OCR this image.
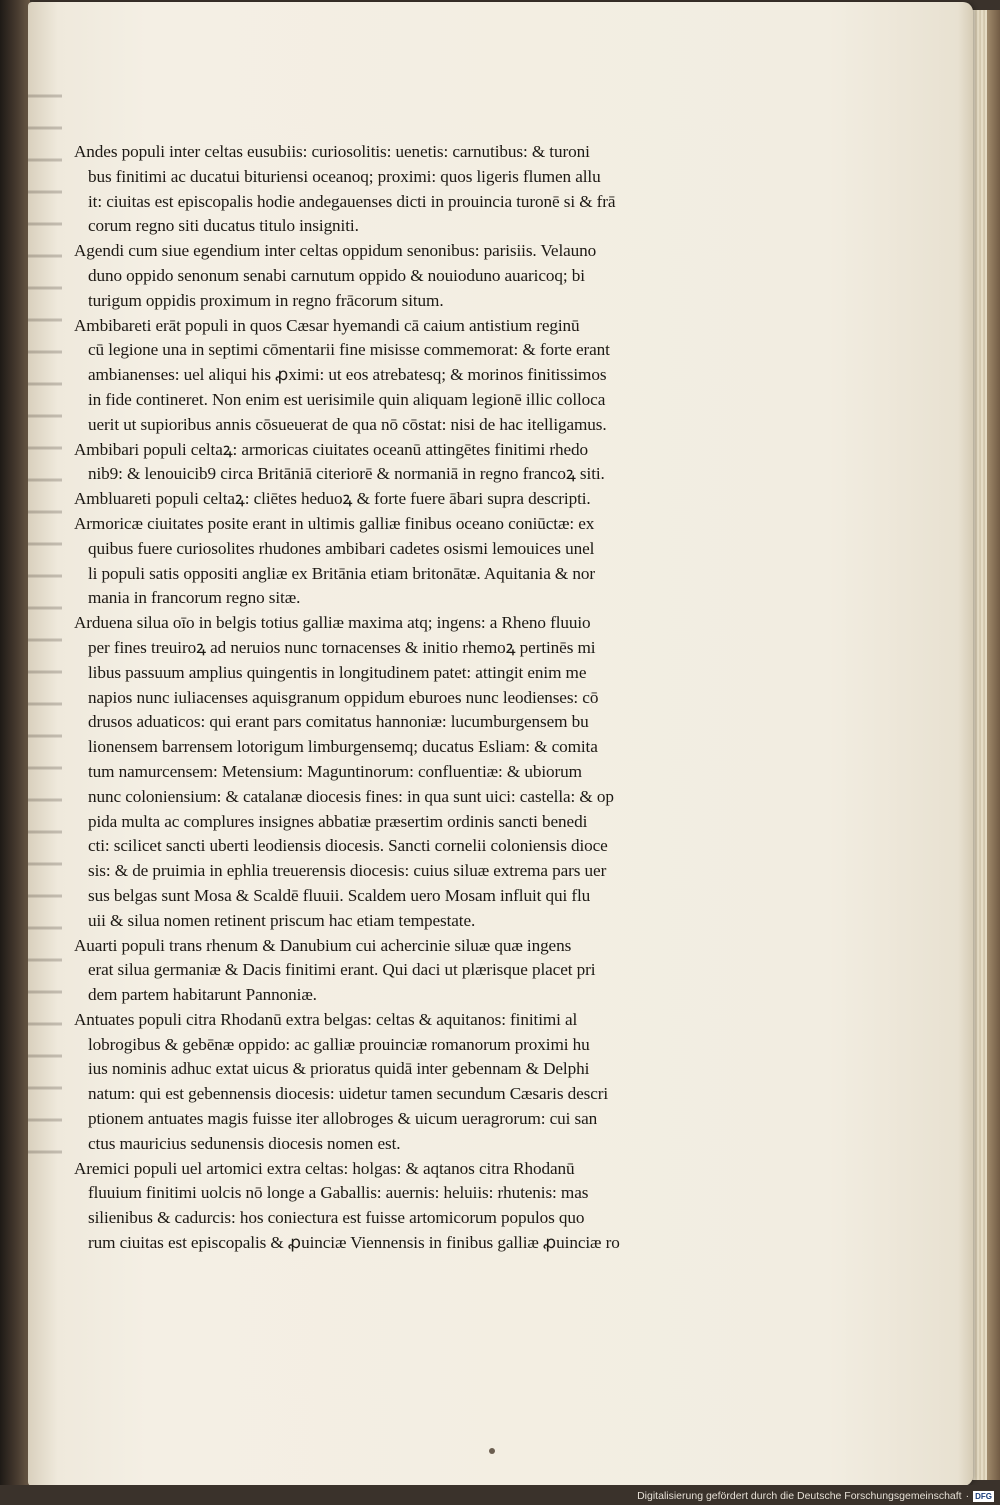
Andes populi inter celtas eusubiis: curiosolitis: uenetis: carnutibus: & turoni
bus finitimi ac ducatui bituriensi oceanoq; proximi: quos ligeris flumen allu
it: ciuitas est episcopalis hodie andegauenses dicti in prouincia turonē si & frā
corum regno siti ducatus titulo insigniti.
Agendi cum siue egendium inter celtas oppidum senonibus: parisiis. Velauno
duno oppido senonum senabi carnutum oppido & nouioduno auaricoq; bi
turigum oppidis proximum in regno frācorum situm.
Ambibareti erāt populi in quos Cæsar hyemandi cā caium antistium reginū
cū legione una in septimi cōmentarii fine misisse commemorat: & forte erant
ambianenses: uel aliqui his ꝓximi: ut eos atrebatesq; & morinos finitissimos
in fide contineret. Non enim est uerisimile quin aliquam legionē illic colloca
uerit ut supioribus annis cōsueuerat de qua nō cōstat: nisi de hac itelligamus.
Ambibari populi celtaꝝ: armoricas ciuitates oceanū attingētes finitimi rhedo
nib9: & lenouicib9 circa Britāniā citeriorē & normaniā in regno francoꝝ siti.
Ambluareti populi celtaꝝ: cliētes heduoꝝ & forte fuere ābari supra descripti.
Armoricæ ciuitates posite erant in ultimis galliæ finibus oceano coniūctæ: ex
quibus fuere curiosolites rhudones ambibari cadetes osismi lemouices unel
li populi satis oppositi angliæ ex Britānia etiam britonātæ. Aquitania & nor
mania in francorum regno sitæ.
Arduena silua oīo in belgis totius galliæ maxima atq; ingens: a Rheno fluuio
per fines treuiroꝝ ad neruios nunc tornacenses & initio rhemoꝝ pertinēs mi
libus passuum amplius quingentis in longitudinem patet: attingit enim me
napios nunc iuliacenses aquisgranum oppidum eburoes nunc leodienses: cō
drusos aduaticos: qui erant pars comitatus hannoniæ: lucumburgensem bu
lionensem barrensem lotorigum limburgensemq; ducatus Esliam: & comita
tum namurcensem: Metensium: Maguntinorum: confluentiæ: & ubiorum
nunc coloniensium: & catalanæ diocesis fines: in qua sunt uici: castella: & op
pida multa ac complures insignes abbatiæ præsertim ordinis sancti benedi
cti: scilicet sancti uberti leodiensis diocesis. Sancti cornelii coloniensis dioce
sis: & de pruimia in ephlia treuerensis diocesis: cuius siluæ extrema pars uer
sus belgas sunt Mosa & Scaldē fluuii. Scaldem uero Mosam influit qui flu
uii & silua nomen retinent priscum hac etiam tempestate.
Auarti populi trans rhenum & Danubium cui achercinie siluæ quæ ingens
erat silua germaniæ & Dacis finitimi erant. Qui daci ut plærisque placet pri
dem partem habitarunt Pannoniæ.
Antuates populi citra Rhodanū extra belgas: celtas & aquitanos: finitimi al
lobrogibus & gebēnæ oppido: ac galliæ prouinciæ romanorum proximi hu
ius nominis adhuc extat uicus & prioratus quidā inter gebennam & Delphi
natum: qui est gebennensis diocesis: uidetur tamen secundum Cæsaris descri
ptionem antuates magis fuisse iter allobroges & uicum ueragrorum: cui san
ctus mauricius sedunensis diocesis nomen est.
Aremici populi uel artomici extra celtas: holgas: & aqtanos citra Rhodanū
fluuium finitimi uolcis nō longe a Gaballis: auernis: heluiis: rhutenis: mas
silienibus & cadurcis: hos coniectura est fuisse artomicorum populos quo
rum ciuitas est episcopalis & ꝓuinciæ Viennensis in finibus galliæ ꝓuinciæ ro
Digitalisierung gefördert durch die Deutsche Forschungsgemeinschaft · DFG
